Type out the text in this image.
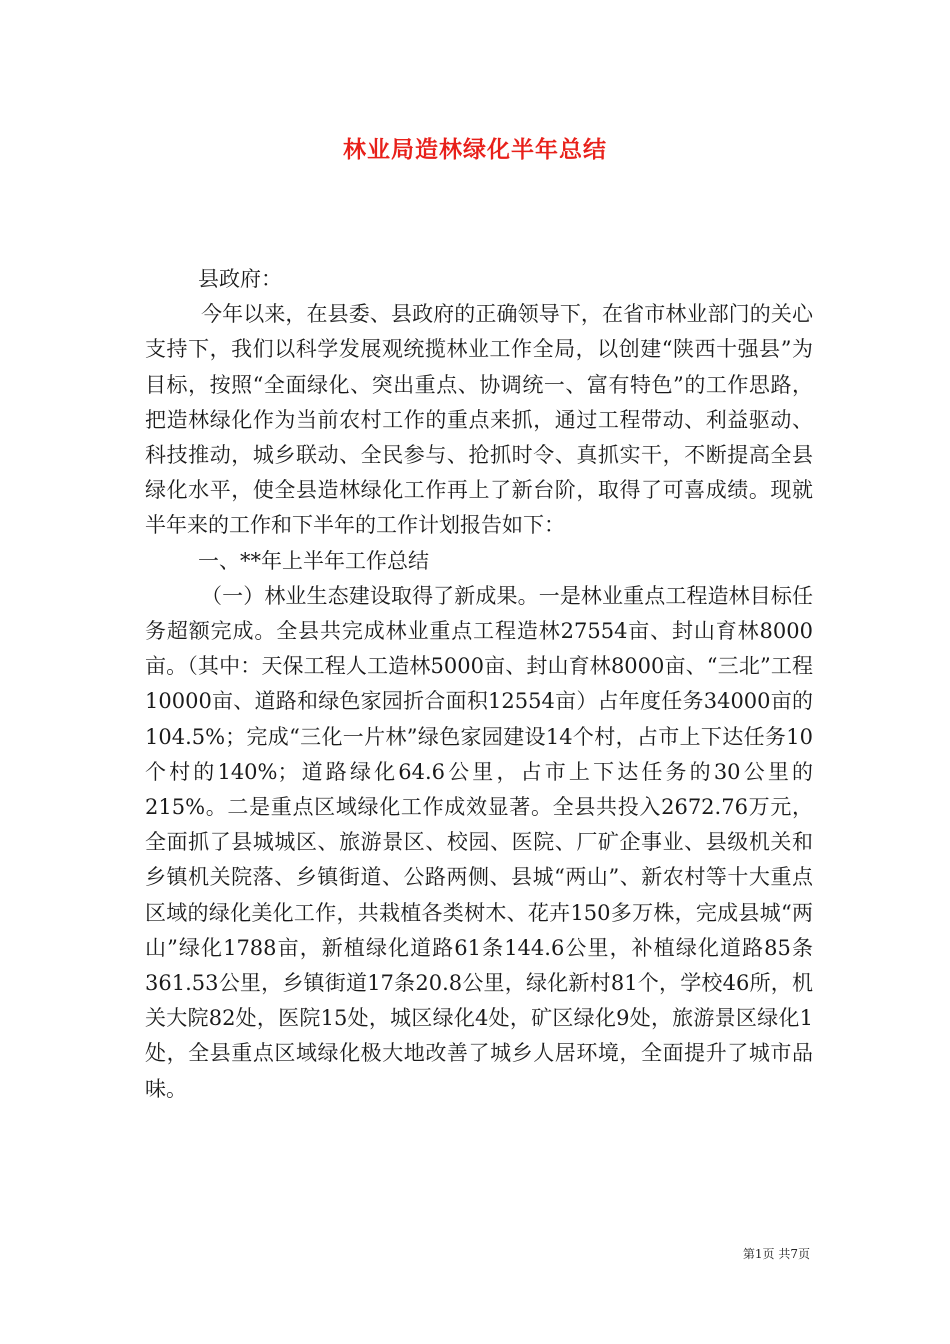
林业局造林绿化半年总结

县政府：

今年以来，在县委、县政府的正确领导下，在省市林业部门的关心支持下，我们以科学发展观统揽林业工作全局，以创建“陕西十强县”为目标，按照“全面绿化、突出重点、协调统一、富有特色”的工作思路，把造林绿化作为当前农村工作的重点来抓，通过工程带动、利益驱动、科技推动，城乡联动、全民参与、抢抓时令、真抓实干，不断提高全县绿化水平，使全县造林绿化工作再上了新台阶，取得了可喜成绩。现就半年来的工作和下半年的工作计划报告如下：

一、**年上半年工作总结

（一）林业生态建设取得了新成果。一是林业重点工程造林目标任务超额完成。全县共完成林业重点工程造林27554亩、封山育林8000亩。（其中：天保工程人工造林5000亩、封山育林8000亩、“三北”工程10000亩、道路和绿色家园折合面积12554亩）占年度任务34000亩的104.5%；完成“三化一片林”绿色家园建设14个村，占市上下达任务10个村的140%；道路绿化64.6公里，占市上下达任务的30公里的215%。二是重点区域绿化工作成效显著。全县共投入2672.76万元，全面抓了县城城区、旅游景区、校园、医院、厂矿企事业、县级机关和乡镇机关院落、乡镇街道、公路两侧、县城“两山”、新农村等十大重点区域的绿化美化工作，共栽植各类树木、花卉150多万株，完成县城“两山”绿化1788亩，新植绿化道路61条144.6公里，补植绿化道路85条361.53公里，乡镇街道17条20.8公里，绿化新村81个，学校46所，机关大院82处，医院15处，城区绿化4处，矿区绿化9处，旅游景区绿化1处，全县重点区域绿化极大地改善了城乡人居环境，全面提升了城市品味。

第1页 共7页
